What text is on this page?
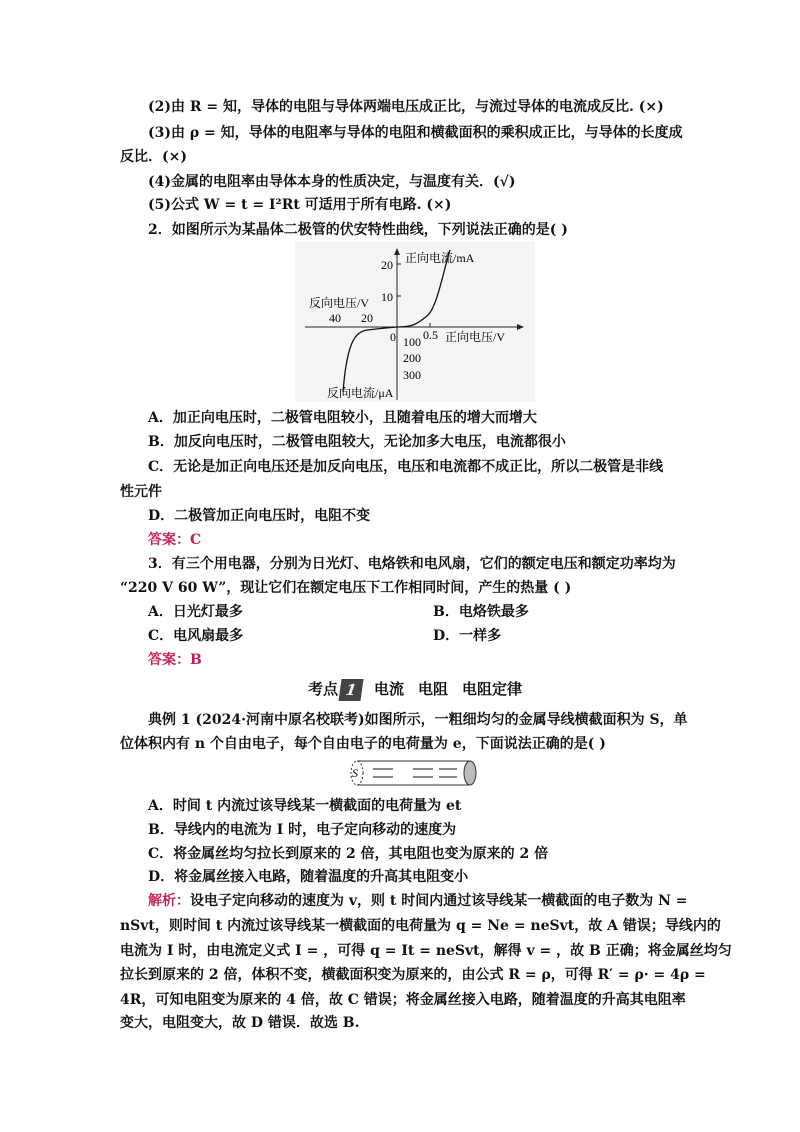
(2)由 R = 知，导体的电阻与导体两端电压成正比，与流过导体的电流成反比. (×)
(3)由 ρ = 知，导体的电阻率与导体的电阻和横截面积的乘积成正比，与导体的长度成
反比．(×)
(4)金属的电阻率由导体本身的性质决定，与温度有关．(√)
(5)公式 W = t = I²Rt 可适用于所有电路. (×)
2．如图所示为某晶体二极管的伏安特性曲线，下列说法正确的是( )
正向电流/mA
20
10
反向电压/V
40 20
0 0.5 正向电压/V
100
200
300
反向电流/μA
A．加正向电压时，二极管电阻较小，且随着电压的增大而增大
B．加反向电压时，二极管电阻较大，无论加多大电压，电流都很小
C．无论是加正向电压还是加反向电压，电压和电流都不成正比，所以二极管是非线
性元件
D．二极管加正向电压时，电阻不变
答案：C
3．有三个用电器，分别为日光灯、电烙铁和电风扇，它们的额定电压和额定功率均为
“220 V 60 W”，现让它们在额定电压下工作相同时间，产生的热量 ( )
A．日光灯最多	B．电烙铁最多
C．电风扇最多	D．一样多
答案：B
考点 1 电流 电阻 电阻定律
典例 1 (2024·河南中原名校联考)如图所示，一粗细均匀的金属导线横截面积为 S，单
位体积内有 n 个自由电子，每个自由电子的电荷量为 e，下面说法正确的是( )
S
A．时间 t 内流过该导线某一横截面的电荷量为 et
B．导线内的电流为 I 时，电子定向移动的速度为
C．将金属丝均匀拉长到原来的 2 倍，其电阻也变为原来的 2 倍
D．将金属丝接入电路，随着温度的升高其电阻变小
解析：设电子定向移动的速度为 v，则 t 时间内通过该导线某一横截面的电子数为 N =
nSvt，则时间 t 内流过该导线某一横截面的电荷量为 q = Ne = neSvt，故 A 错误；导线内的
电流为 I 时，由电流定义式 I = ，可得 q = It = neSvt，解得 v = ，故 B 正确；将金属丝均匀
拉长到原来的 2 倍，体积不变，横截面积变为原来的，由公式 R = ρ，可得 R′ = ρ· = 4ρ =
4R，可知电阻变为原来的 4 倍，故 C 错误；将金属丝接入电路，随着温度的升高其电阻率
变大，电阻变大，故 D 错误．故选 B.
